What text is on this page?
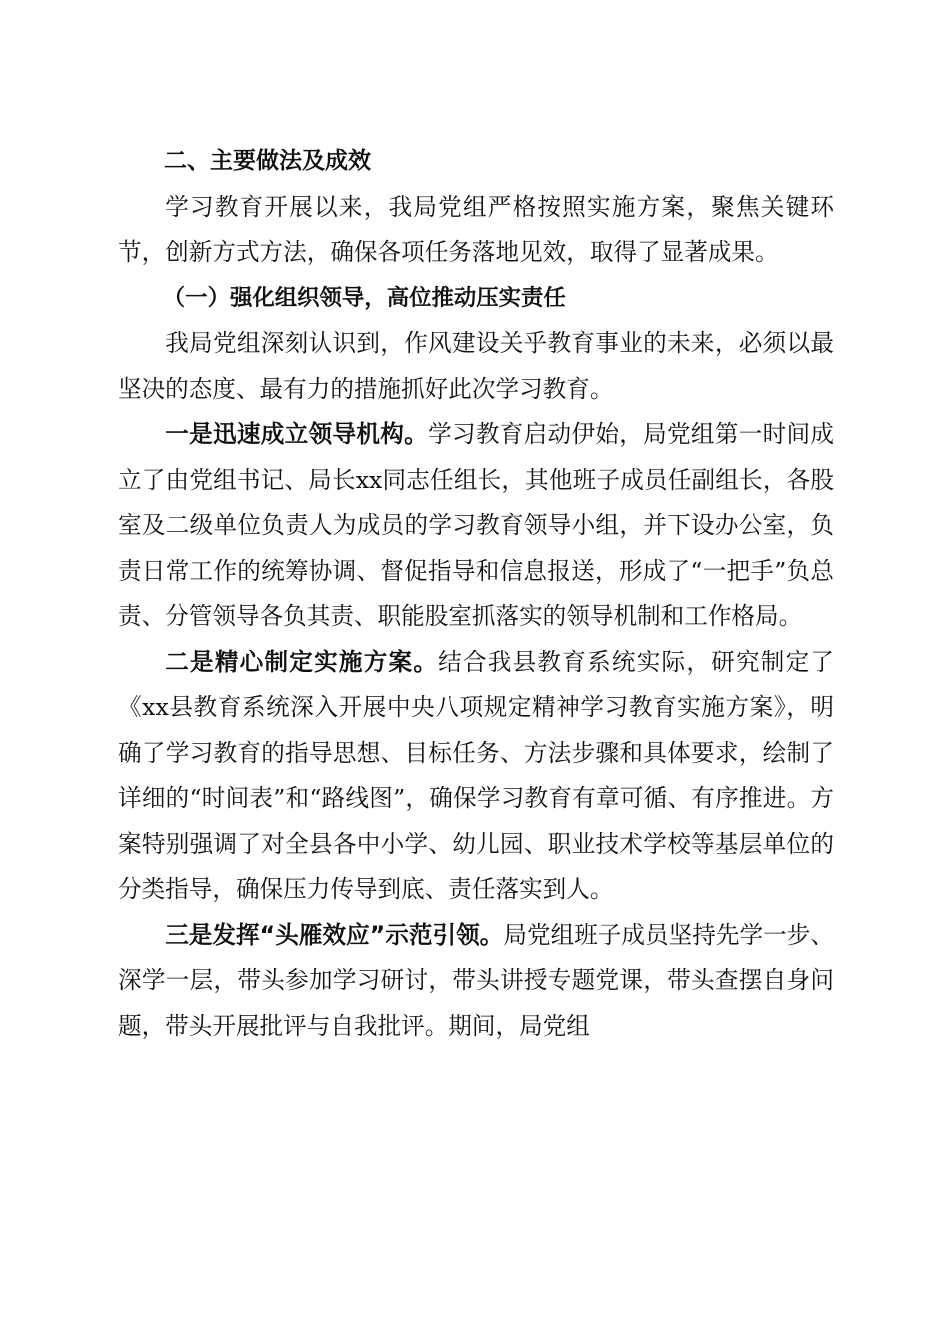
二、主要做法及成效

学习教育开展以来，我局党组严格按照实施方案，聚焦关键环节，创新方式方法，确保各项任务落地见效，取得了显著成果。

（一）强化组织领导，高位推动压实责任

我局党组深刻认识到，作风建设关乎教育事业的未来，必须以最坚决的态度、最有力的措施抓好此次学习教育。

一是迅速成立领导机构。学习教育启动伊始，局党组第一时间成立了由党组书记、局长xx同志任组长，其他班子成员任副组长，各股室及二级单位负责人为成员的学习教育领导小组，并下设办公室，负责日常工作的统筹协调、督促指导和信息报送，形成了“一把手”负总责、分管领导各负其责、职能股室抓落实的领导机制和工作格局。

二是精心制定实施方案。结合我县教育系统实际，研究制定了《xx县教育系统深入开展中央八项规定精神学习教育实施方案》，明确了学习教育的指导思想、目标任务、方法步骤和具体要求，绘制了详细的“时间表”和“路线图”，确保学习教育有章可循、有序推进。方案特别强调了对全县各中小学、幼儿园、职业技术学校等基层单位的分类指导，确保压力传导到底、责任落实到人。

三是发挥“头雁效应”示范引领。局党组班子成员坚持先学一步、深学一层，带头参加学习研讨，带头讲授专题党课，带头查摆自身问题，带头开展批评与自我批评。期间，局党组
